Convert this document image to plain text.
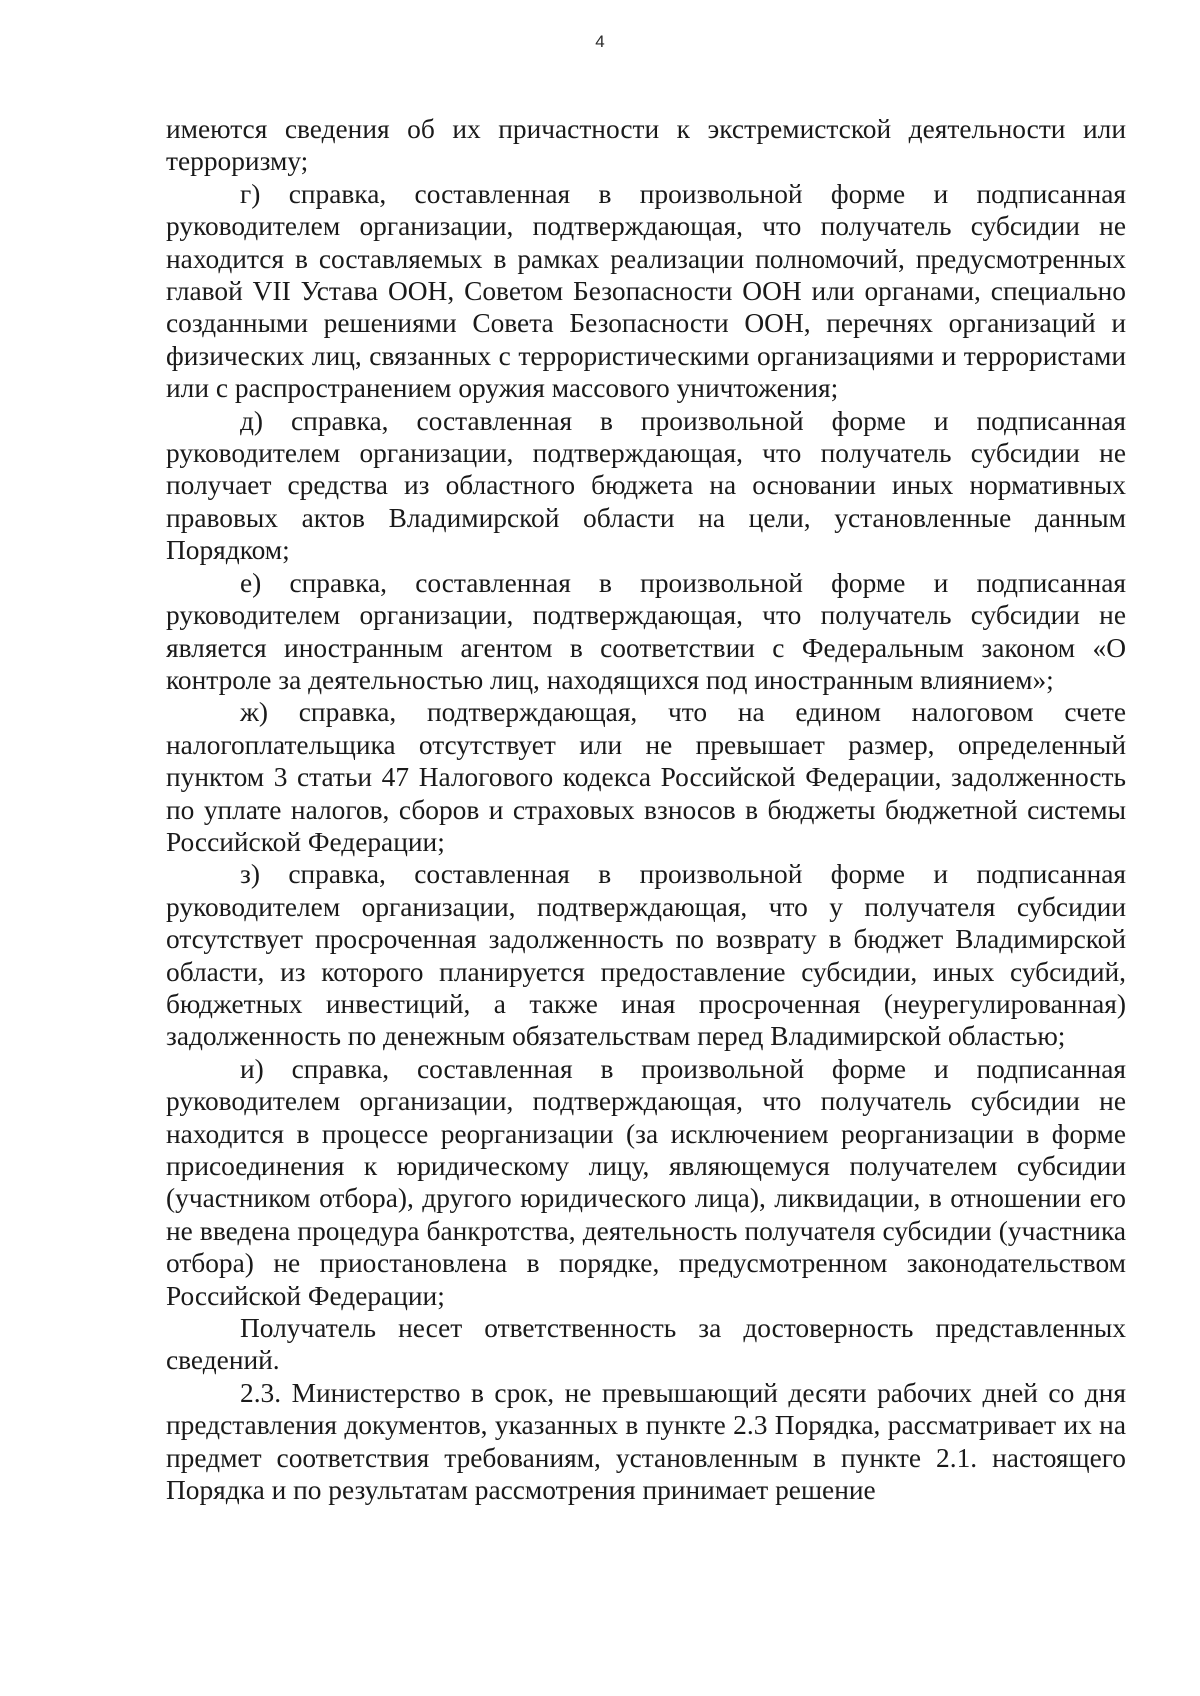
4

имеются сведения об их причастности к экстремистской деятельности или терроризму;

г) справка, составленная в произвольной форме и подписанная руководителем организации, подтверждающая, что получатель субсидии не находится в составляемых в рамках реализации полномочий, предусмотренных главой VII Устава ООН, Советом Безопасности ООН или органами, специально созданными решениями Совета Безопасности ООН, перечнях организаций и физических лиц, связанных с террористическими организациями и террористами или с распространением оружия массового уничтожения;

д) справка, составленная в произвольной форме и подписанная руководителем организации, подтверждающая, что получатель субсидии не получает средства из областного бюджета на основании иных нормативных правовых актов Владимирской области на цели, установленные данным Порядком;

е) справка, составленная в произвольной форме и подписанная руководителем организации, подтверждающая, что получатель субсидии не является иностранным агентом в соответствии с Федеральным законом «О контроле за деятельностью лиц, находящихся под иностранным влиянием»;

ж) справка, подтверждающая, что на едином налоговом счете налогоплательщика отсутствует или не превышает размер, определенный пунктом 3 статьи 47 Налогового кодекса Российской Федерации, задолженность по уплате налогов, сборов и страховых взносов в бюджеты бюджетной системы Российской Федерации;

з) справка, составленная в произвольной форме и подписанная руководителем организации, подтверждающая, что у получателя субсидии отсутствует просроченная задолженность по возврату в бюджет Владимирской области, из которого планируется предоставление субсидии, иных субсидий, бюджетных инвестиций, а также иная просроченная (неурегулированная) задолженность по денежным обязательствам перед Владимирской областью;

и) справка, составленная в произвольной форме и подписанная руководителем организации, подтверждающая, что получатель субсидии не находится в процессе реорганизации (за исключением реорганизации в форме присоединения к юридическому лицу, являющемуся получателем субсидии (участником отбора), другого юридического лица), ликвидации, в отношении его не введена процедура банкротства, деятельность получателя субсидии (участника отбора) не приостановлена в порядке, предусмотренном законодательством Российской Федерации;

Получатель несет ответственность за достоверность представленных сведений.

2.3. Министерство в срок, не превышающий десяти рабочих дней со дня представления документов, указанных в пункте 2.3 Порядка, рассматривает их на предмет соответствия требованиям, установленным в пункте 2.1. настоящего Порядка и по результатам рассмотрения принимает решение
